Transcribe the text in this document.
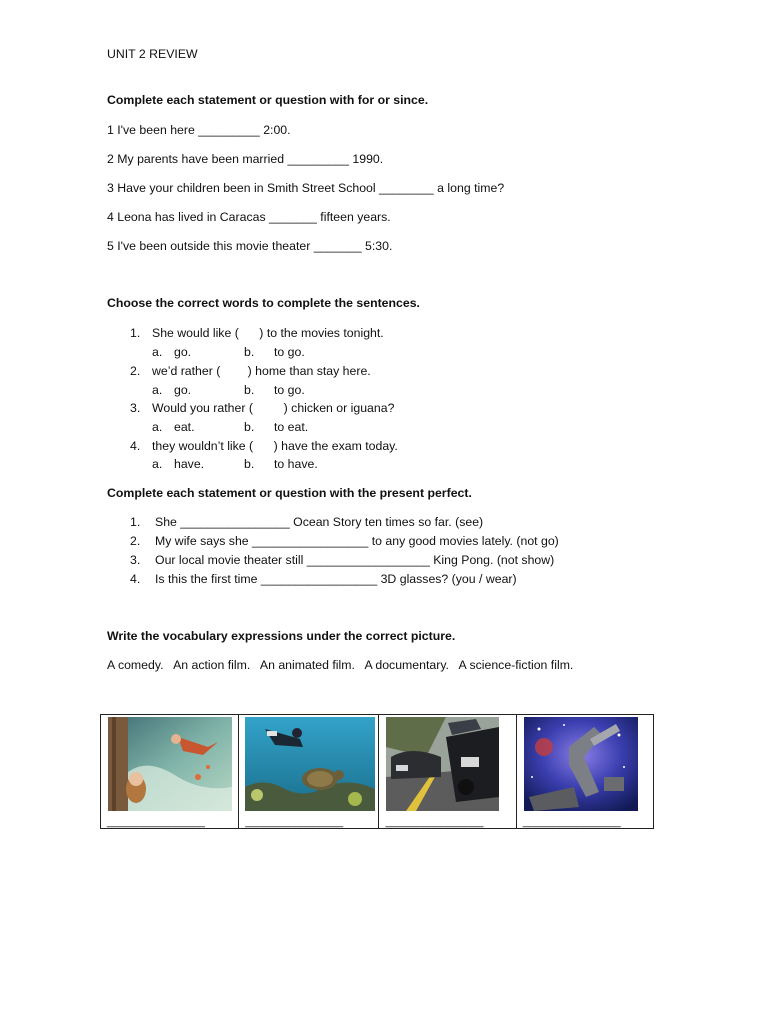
UNIT 2 REVIEW
Complete each statement or question with for or since.
1 I've been here _________ 2:00.
2 My parents have been married _________ 1990.
3 Have your children been in Smith Street School ________ a long time?
4 Leona has lived in Caracas _______ fifteen years.
5 I've been outside this movie theater _______ 5:30.
Choose the correct words to complete the sentences.
1. She would like (      ) to the movies tonight.
a. go.	b. to go.
2. we’d rather (        ) home than stay here.
a. go.	b. to go.
3. Would you rather (         ) chicken or iguana?
a. eat.	b. to eat.
4. they wouldn’t like (      ) have the exam today.
a. have.	b. to have.
Complete each statement or question with the present perfect.
1. She ________________ Ocean Story ten times so far. (see)
2. My wife says she _________________ to any good movies lately. (not go)
3. Our local movie theater still __________________ King Pong. (not show)
4. Is this the first time _________________ 3D glasses? (you / wear)
Write the vocabulary expressions under the correct picture.
A comedy.   An action film.   An animated film.   A documentary.   A science-fiction film.
________________	________________	________________	________________
